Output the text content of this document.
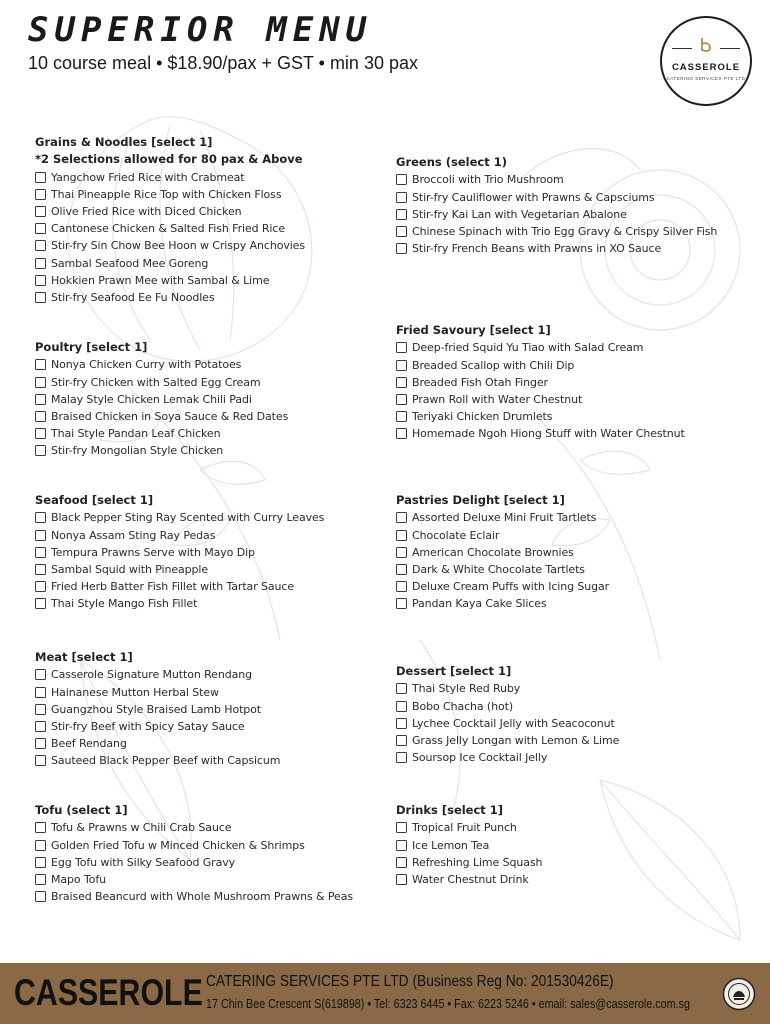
SUPERIOR MENU
10 course meal • $18.90/pax + GST • min 30 pax	CASSEROLE
CATERING SERVICES PTE LTD
Grains & Noodles [select 1]
*2 Selections allowed for 80 pax & Above
Yangchow Fried Rice with Crabmeat
Thai Pineapple Rice Top with Chicken Floss
Olive Fried Rice with Diced Chicken
Cantonese Chicken & Salted Fish Fried Rice
Stir-fry Sin Chow Bee Hoon w Crispy Anchovies
Sambal Seafood Mee Goreng
Hokkien Prawn Mee with Sambal & Lime
Stir-fry Seafood Ee Fu Noodles
Greens (select 1)
Broccoli with Trio Mushroom
Stir-fry Cauliflower with Prawns & Capsciums
Stir-fry Kai Lan with Vegetarian Abalone
Chinese Spinach with Trio Egg Gravy & Crispy Silver Fish
Stir-fry French Beans with Prawns in XO Sauce
Poultry [select 1]
Nonya Chicken Curry with Potatoes
Stir-fry Chicken with Salted Egg Cream
Malay Style Chicken Lemak Chili Padi
Braised Chicken in Soya Sauce & Red Dates
Thai Style Pandan Leaf Chicken
Stir-fry Mongolian Style Chicken
Fried Savoury [select 1]
Deep-fried Squid Yu Tiao with Salad Cream
Breaded Scallop with Chili Dip
Breaded Fish Otah Finger
Prawn Roll with Water Chestnut
Teriyaki Chicken Drumlets
Homemade Ngoh Hiong Stuff with Water Chestnut
Seafood [select 1]
Black Pepper Sting Ray Scented with Curry Leaves
Nonya Assam Sting Ray Pedas
Tempura Prawns Serve with Mayo Dip
Sambal Squid with Pineapple
Fried Herb Batter Fish Fillet with Tartar Sauce
Thai Style Mango Fish Fillet
Pastries Delight [select 1]
Assorted Deluxe Mini Fruit Tartlets
Chocolate Eclair
American Chocolate Brownies
Dark & White Chocolate Tartlets
Deluxe Cream Puffs with Icing Sugar
Pandan Kaya Cake Slices
Meat [select 1]
Casserole Signature Mutton Rendang
Hainanese Mutton Herbal Stew
Guangzhou Style Braised Lamb Hotpot
Stir-fry Beef with Spicy Satay Sauce
Beef Rendang
Sauteed Black Pepper Beef with Capsicum
Dessert [select 1]
Thai Style Red Ruby
Bobo Chacha (hot)
Lychee Cocktail Jelly with Seacoconut
Grass Jelly Longan with Lemon & Lime
Soursop Ice Cocktail Jelly
Tofu (select 1]
Tofu & Prawns w Chili Crab Sauce
Golden Fried Tofu w Minced Chicken & Shrimps
Egg Tofu with Silky Seafood Gravy
Mapo Tofu
Braised Beancurd with Whole Mushroom Prawns & Peas
Drinks [select 1]
Tropical Fruit Punch
Ice Lemon Tea
Refreshing Lime Squash
Water Chestnut Drink
CASSEROLE CATERING SERVICES PTE LTD (Business Reg No: 201530426E)
17 Chin Bee Crescent S(619898) • Tel: 6323 6445 • Fax: 6223 5246 • email: sales@casserole.com.sg
